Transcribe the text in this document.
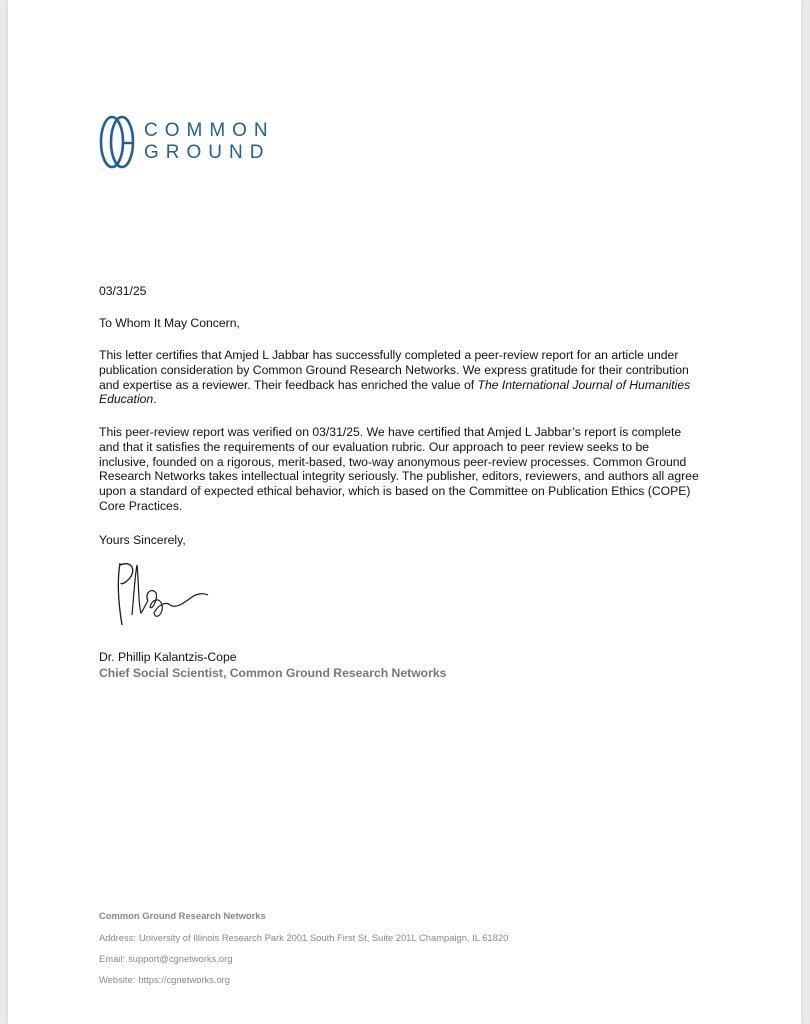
COMMON
GROUND
03/31/25
To Whom It May Concern,
This letter certifies that Amjed L Jabbar has successfully completed a peer-review report for an article under publication consideration by Common Ground Research Networks. We express gratitude for their contribution and expertise as a reviewer. Their feedback has enriched the value of The International Journal of Humanities Education.
This peer-review report was verified on 03/31/25. We have certified that Amjed L Jabbar’s report is complete and that it satisfies the requirements of our evaluation rubric. Our approach to peer review seeks to be inclusive, founded on a rigorous, merit-based, two-way anonymous peer-review processes. Common Ground Research Networks takes intellectual integrity seriously. The publisher, editors, reviewers, and authors all agree upon a standard of expected ethical behavior, which is based on the Committee on Publication Ethics (COPE) Core Practices.
Yours Sincerely,
Dr. Phillip Kalantzis-Cope
Chief Social Scientist, Common Ground Research Networks
Common Ground Research Networks
Address: University of Illinois Research Park 2001 South First St, Suite 201L Champaign, IL 61820
Email: support@cgnetworks.org
Website: https://cgnetworks.org
